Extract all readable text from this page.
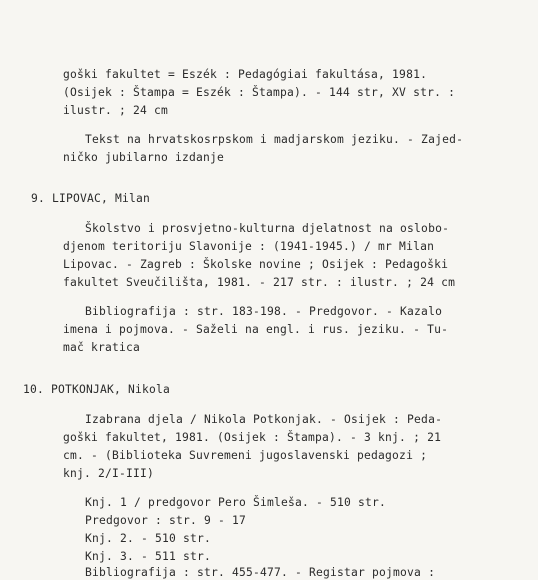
goški fakultet = Eszék : Pedagógiai fakultása, 1981.
(Osijek : Štampa = Eszék : Štampa). - 144 str, XV str. :
ilustr. ; 24 cm
Tekst na hrvatskosrpskom i madjarskom jeziku. - Zajed-
ničko jubilarno izdanje
9. LIPOVAC, Milan
Školstvo i prosvjetno-kulturna djelatnost na oslobo-
djenom teritoriju Slavonije : (1941-1945.) / mr Milan
Lipovac. - Zagreb : Školske novine ; Osijek : Pedagoški
fakultet Sveučilišta, 1981. - 217 str. : ilustr. ; 24 cm
Bibliografija : str. 183-198. - Predgovor. - Kazalo
imena i pojmova. - Saželi na engl. i rus. jeziku. - Tu-
mač kratica
10. POTKONJAK, Nikola
Izabrana djela / Nikola Potkonjak. - Osijek : Peda-
goški fakultet, 1981. (Osijek : Štampa). - 3 knj. ; 21
cm. - (Biblioteka Suvremeni jugoslavenski pedagozi ;
knj. 2/I-III)
Knj. 1 / predgovor Pero Šimleša. - 510 str.
Predgovor : str. 9 - 17
Knj. 2. - 510 str.
Knj. 3. - 511 str.
Bibliografija : str. 455-477. - Registar pojmova :
